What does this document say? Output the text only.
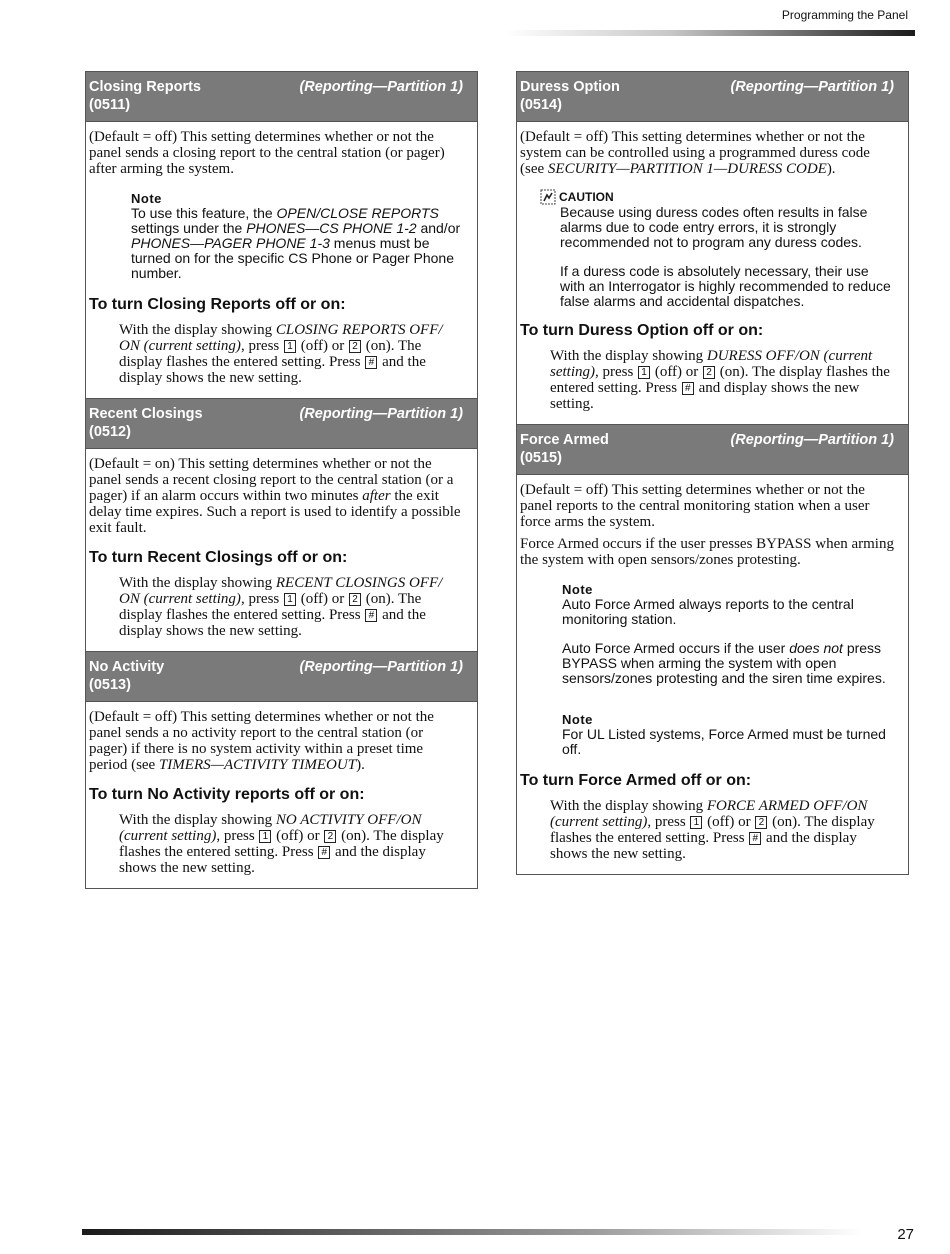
Programming the Panel
Closing Reports
(0511)
(Reporting—Partition 1)

(Default = off) This setting determines whether or not the panel sends a closing report to the central station (or pager) after arming the system.

Note
To use this feature, the OPEN/CLOSE REPORTS settings under the PHONES—CS PHONE 1-2 and/or PHONES—PAGER PHONE 1-3 menus must be turned on for the specific CS Phone or Pager Phone number.
To turn Closing Reports off or on:

With the display showing CLOSING REPORTS OFF/ ON (current setting), press 1 (off) or 2 (on). The display flashes the entered setting. Press # and the display shows the new setting.

Recent Closings
(0512)
(Reporting—Partition 1)

(Default = on) This setting determines whether or not the panel sends a recent closing report to the central station (or a pager) if an alarm occurs within two minutes after the exit delay time expires. Such a report is used to identify a possible exit fault.

To turn Recent Closings off or on:

With the display showing RECENT CLOSINGS OFF/ ON (current setting), press 1 (off) or 2 (on). The display flashes the entered setting. Press # and the display shows the new setting.

No Activity
(0513)
(Reporting—Partition 1)

(Default = off) This setting determines whether or not the panel sends a no activity report to the central station (or pager) if there is no system activity within a preset time period (see TIMERS—ACTIVITY TIMEOUT).

To turn No Activity reports off or on:

With the display showing NO ACTIVITY OFF/ON (current setting), press 1 (off) or 2 (on). The display flashes the entered setting. Press # and the display shows the new setting.

Duress Option
(0514)
(Reporting—Partition 1)

(Default = off) This setting determines whether or not the system can be controlled using a programmed duress code (see SECURITY—PARTITION 1—DURESS CODE).

CAUTION
Because using duress codes often results in false alarms due to code entry errors, it is strongly recommended not to program any duress codes.
If a duress code is absolutely necessary, their use with an Interrogator is highly recommended to reduce false alarms and accidental dispatches.
To turn Duress Option off or on:

With the display showing DURESS OFF/ON (current setting), press 1 (off) or 2 (on). The display flashes the entered setting. Press # and display shows the new setting.

Force Armed
(0515)
(Reporting—Partition 1)

(Default = off) This setting determines whether or not the panel reports to the central monitoring station when a user force arms the system.

Force Armed occurs if the user presses BYPASS when arming the system with open sensors/zones protesting.

Note
Auto Force Armed always reports to the central monitoring station.
Auto Force Armed occurs if the user does not press BYPASS when arming the system with open sensors/zones protesting and the siren time expires.
Note
For UL Listed systems, Force Armed must be turned off.
To turn Force Armed off or on:

With the display showing FORCE ARMED OFF/ON (current setting), press 1 (off) or 2 (on). The display flashes the entered setting. Press # and the display shows the new setting.

27
